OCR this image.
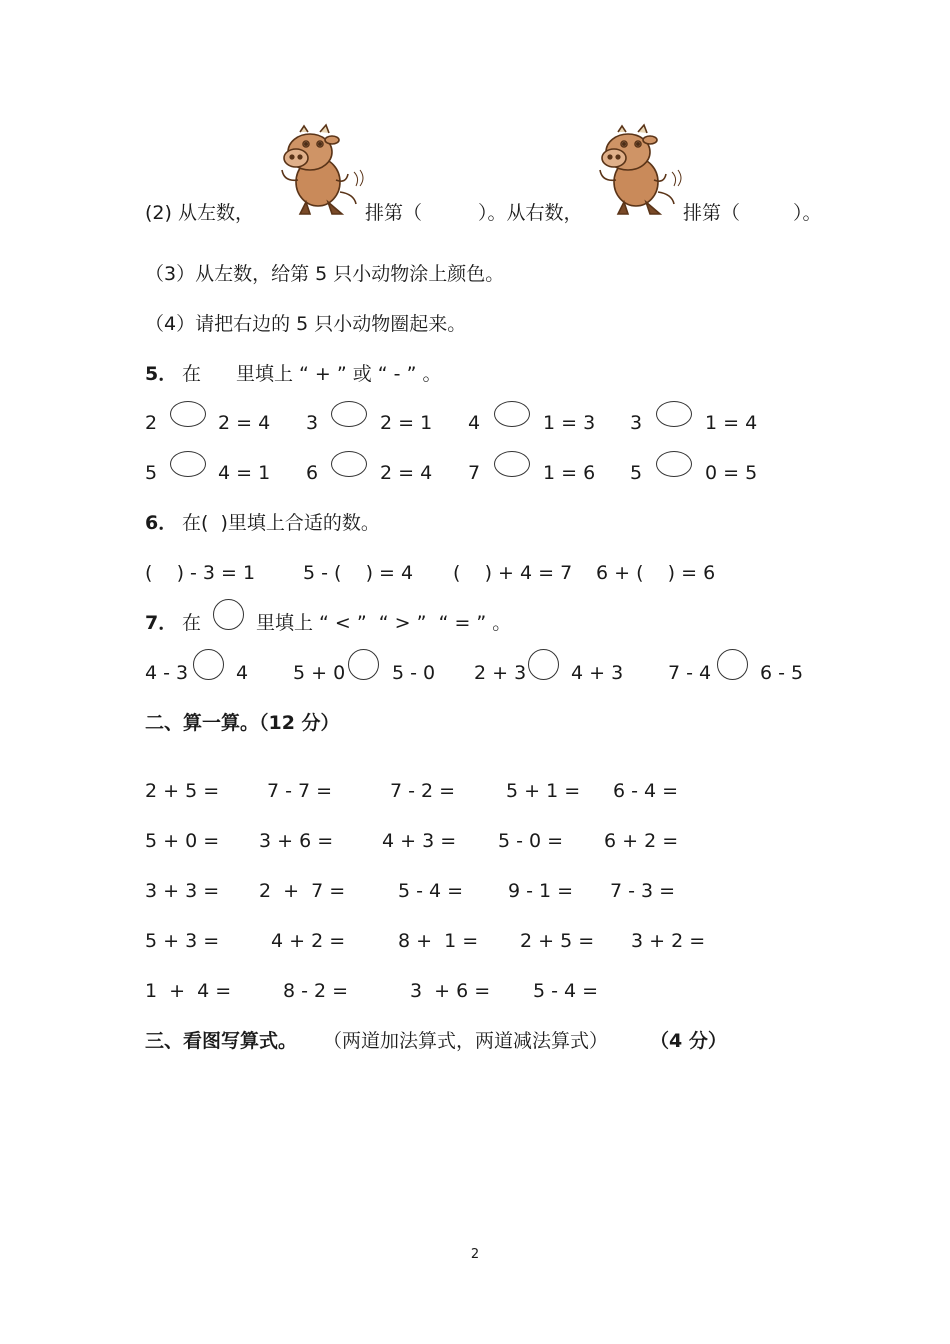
(2) 从左数，	排第（	）。从右数，	排第（	）。
（3）从左数，给第 5 只小动物涂上颜色。
（4）请把右边的 5 只小动物圈起来。
5． 在 里填上 “ + ” 或 “ - ” 。
2	2 = 4 3	2 = 1 4	1 = 3 3	1 = 4
5	4 = 1 6	2 = 4 7	1 = 6 5	0 = 5
6． 在(  )里填上合适的数。
(    ) - 3 = 1	5 - (    ) = 4 (    ) + 4 = 7 6 + (    ) = 6
7． 在	里填上 “ < ”  “ > ”  “ = ” 。
4 - 3	4 5 + 0 5 - 0 2 + 3 4 + 3 7 - 4	6 - 5
二、算一算。（12 分）
2 + 5 =	7 - 7 =	7 - 2 =	5 + 1 = 6 - 4 =
5 + 0 = 3 + 6 =	4 + 3 = 5 - 0 = 6 + 2 =
3 + 3 = 2  +  7 =	5 - 4 = 9 - 1 = 7 - 3 =
5 + 3 =	4 + 2 =	8 +  1 = 2 + 5 = 3 + 2 =
1  +  4 =	8 - 2 =	3  + 6 = 5 - 4 =
三、看图写算式。 （两道加法算式，两道减法算式） （4 分）
2
